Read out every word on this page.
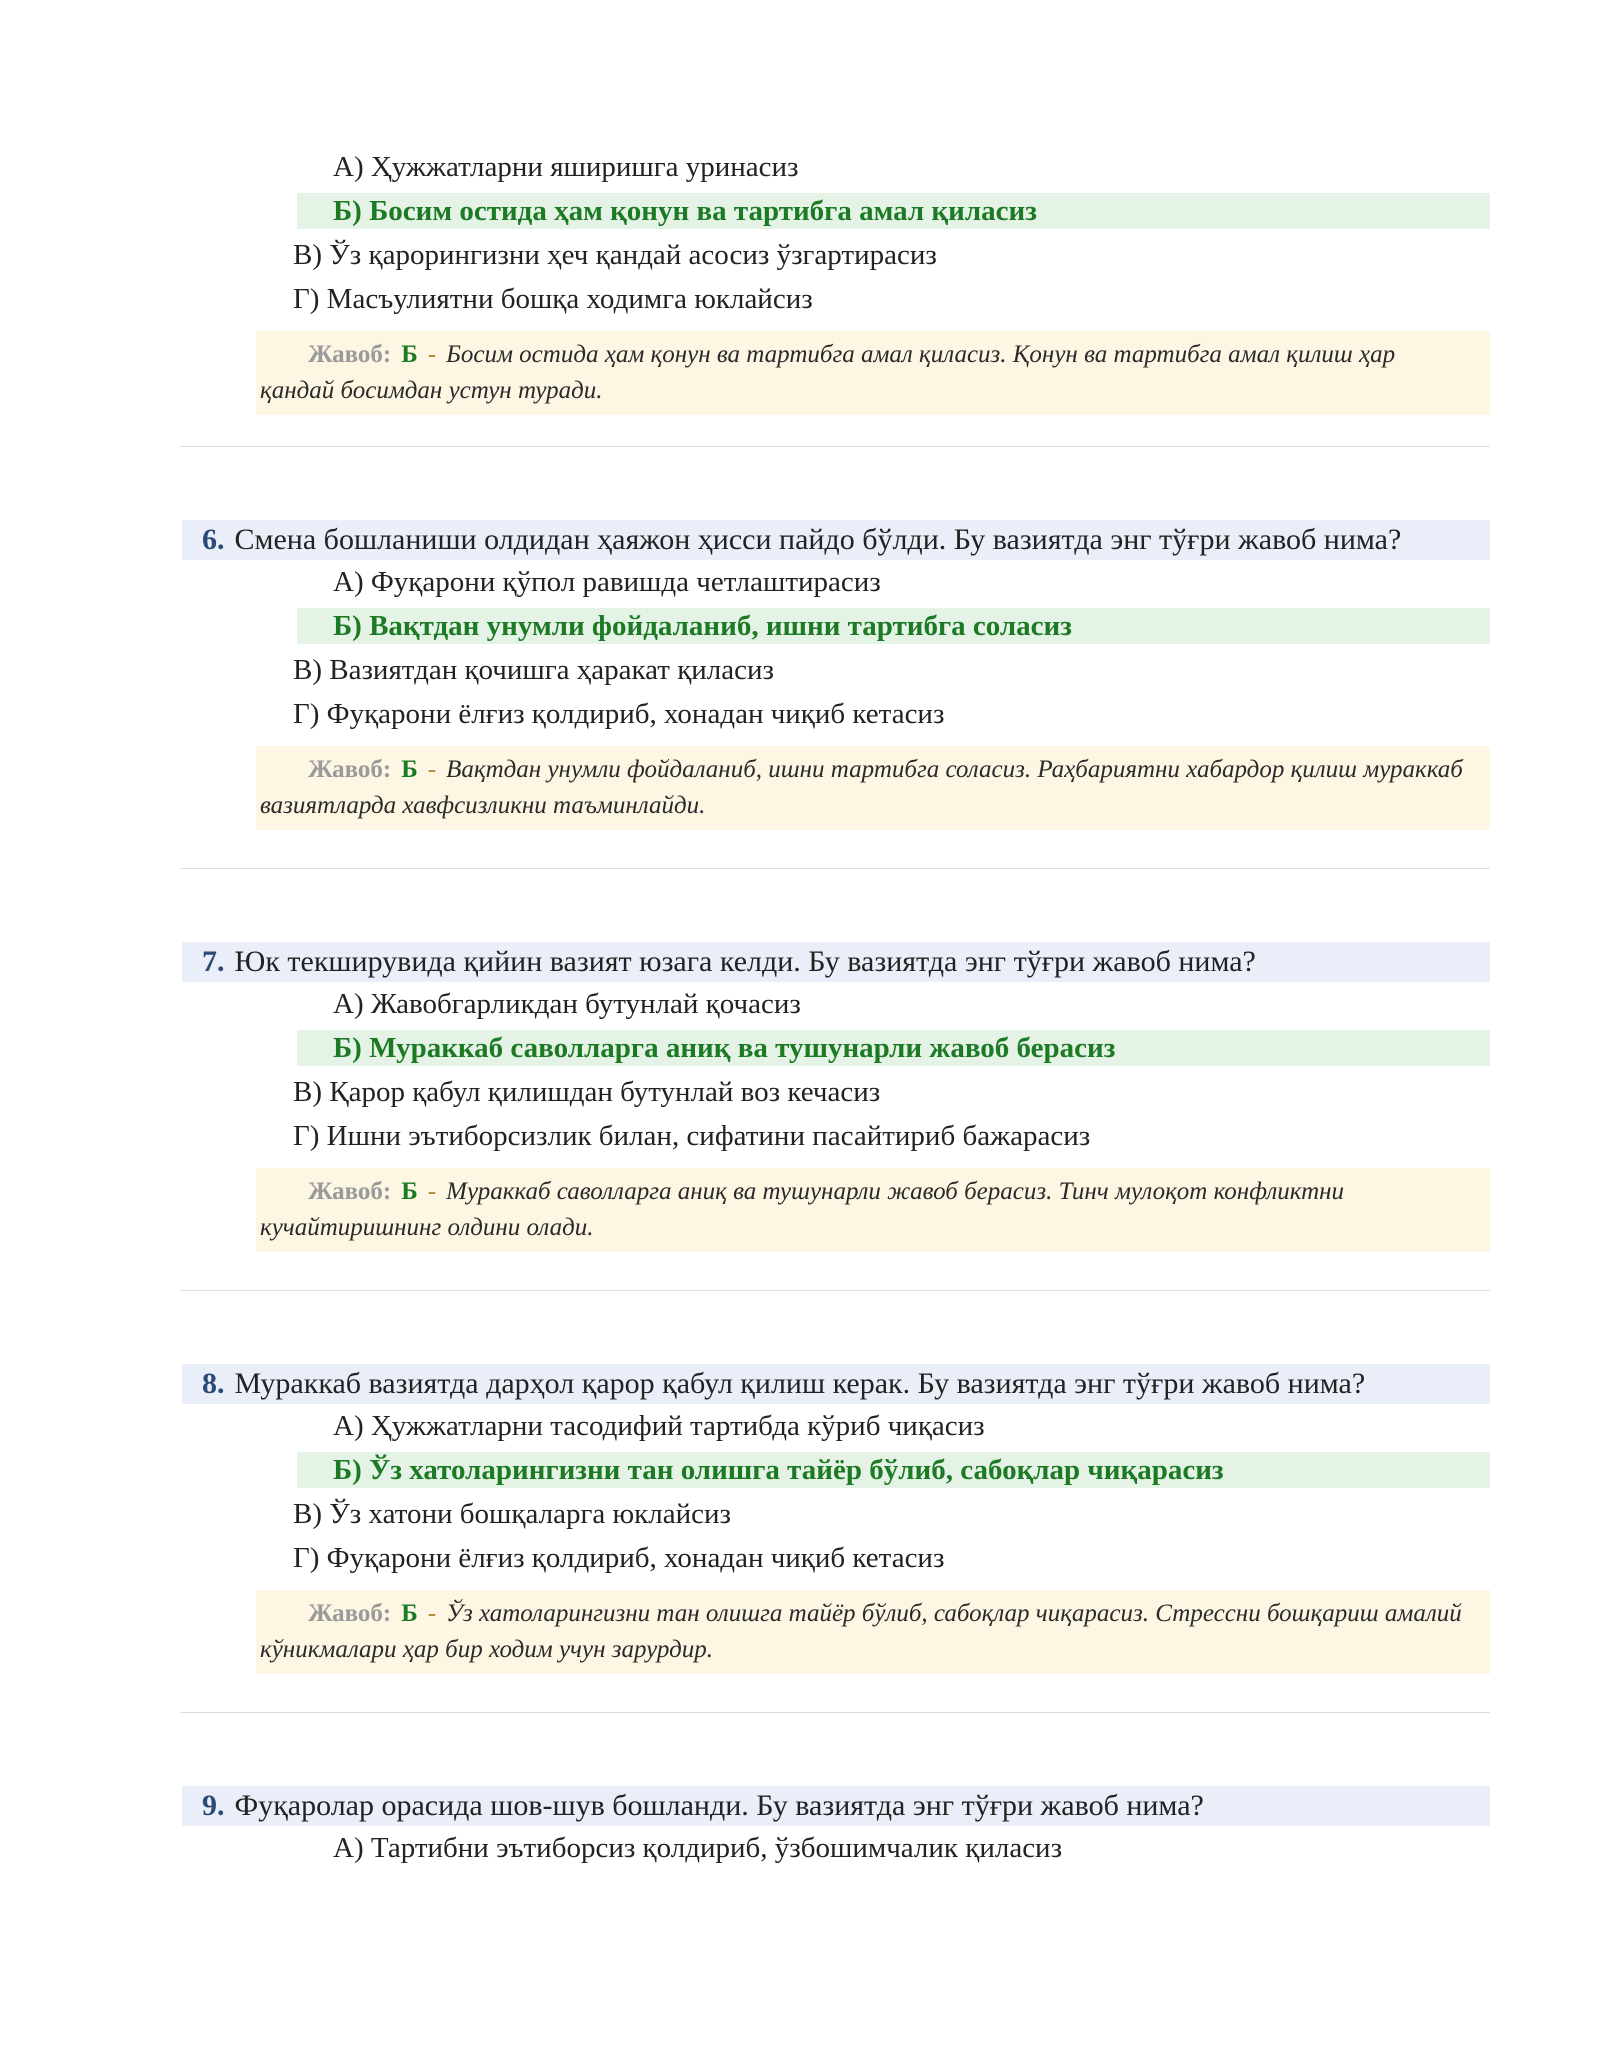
А) Ҳужжатларни яширишга уринасиз
Б) Босим остида ҳам қонун ва тартибга амал қиласиз
В) Ўз қарорингизни ҳеч қандай асосиз ўзгартирасиз
Г) Масъулиятни бошқа ходимга юклайсиз
Жавоб: Б - Босим остида ҳам қонун ва тартибга амал қиласиз. Қонун ва тартибга амал қилиш ҳар қандай босимдан устун туради.
6. Смена бошланиши олдидан ҳаяжон ҳисси пайдо бўлди. Бу вазиятда энг тўғри жавоб нима?
А) Фуқарони қўпол равишда четлаштирасиз
Б) Вақтдан унумли фойдаланиб, ишни тартибга соласиз
В) Вазиятдан қочишга ҳаракат қиласиз
Г) Фуқарони ёлғиз қолдириб, хонадан чиқиб кетасиз
Жавоб: Б - Вақтдан унумли фойдаланиб, ишни тартибга соласиз. Раҳбариятни хабардор қилиш мураккаб вазиятларда хавфсизликни таъминлайди.
7. Юк текширувида қийин вазият юзага келди. Бу вазиятда энг тўғри жавоб нима?
А) Жавобгарликдан бутунлай қочасиз
Б) Мураккаб саволларга аниқ ва тушунарли жавоб берасиз
В) Қарор қабул қилишдан бутунлай воз кечасиз
Г) Ишни эътиборсизлик билан, сифатини пасайтириб бажарасиз
Жавоб: Б - Мураккаб саволларга аниқ ва тушунарли жавоб берасиз. Тинч мулоқот конфликтни кучайтиришнинг олдини олади.
8. Мураккаб вазиятда дарҳол қарор қабул қилиш керак. Бу вазиятда энг тўғри жавоб нима?
А) Ҳужжатларни тасодифий тартибда кўриб чиқасиз
Б) Ўз хатоларингизни тан олишга тайёр бўлиб, сабоқлар чиқарасиз
В) Ўз хатони бошқаларга юклайсиз
Г) Фуқарони ёлғиз қолдириб, хонадан чиқиб кетасиз
Жавоб: Б - Ўз хатоларингизни тан олишга тайёр бўлиб, сабоқлар чиқарасиз. Стрессни бошқариш амалий кўникмалари ҳар бир ходим учун зарурдир.
9. Фуқаролар орасида шов-шув бошланди. Бу вазиятда энг тўғри жавоб нима?
А) Тартибни эътиборсиз қолдириб, ўзбошимчалик қиласиз
